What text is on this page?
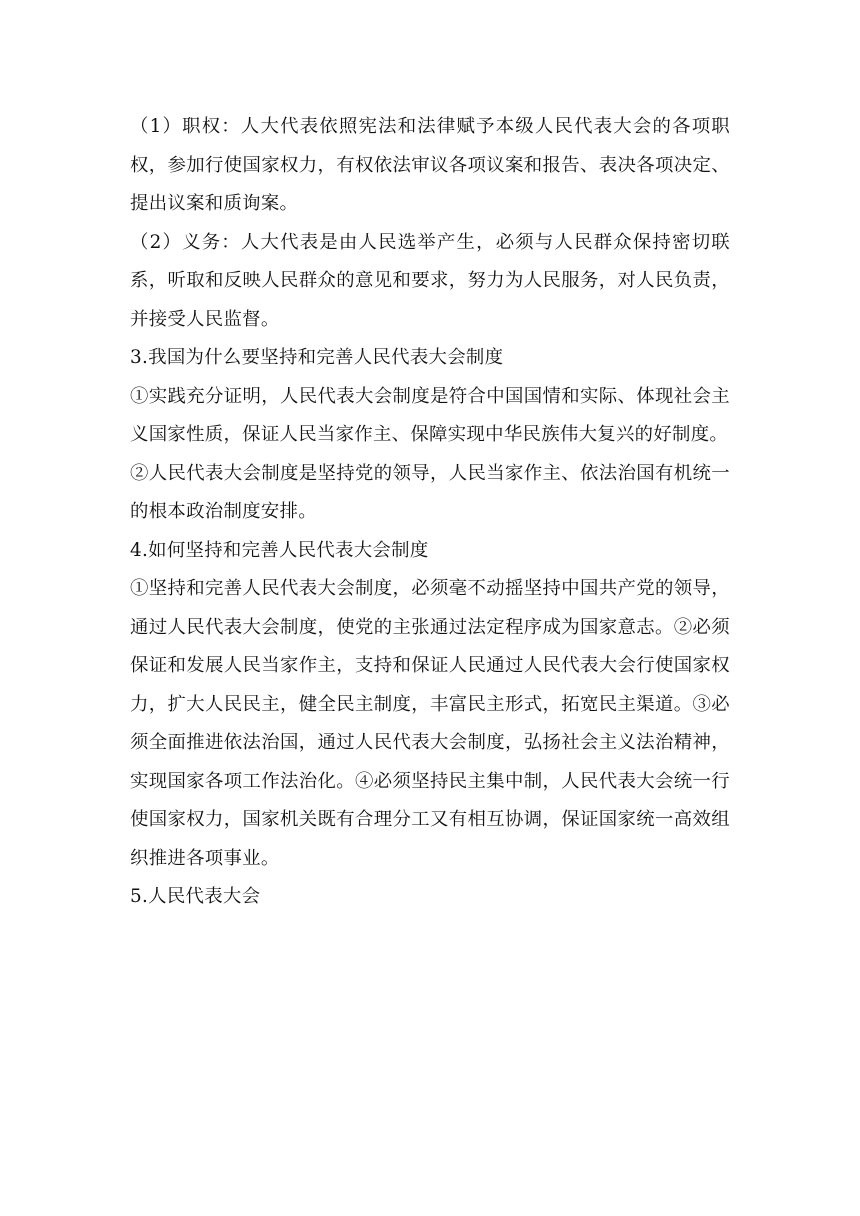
（1）职权：人大代表依照宪法和法律赋予本级人民代表大会的各项职权，参加行使国家权力，有权依法审议各项议案和报告、表决各项决定、提出议案和质询案。

（2）义务：人大代表是由人民选举产生，必须与人民群众保持密切联系，听取和反映人民群众的意见和要求，努力为人民服务，对人民负责，并接受人民监督。

3.我国为什么要坚持和完善人民代表大会制度

①实践充分证明，人民代表大会制度是符合中国国情和实际、体现社会主义国家性质，保证人民当家作主、保障实现中华民族伟大复兴的好制度。

②人民代表大会制度是坚持党的领导，人民当家作主、依法治国有机统一的根本政治制度安排。

4.如何坚持和完善人民代表大会制度

①坚持和完善人民代表大会制度，必须毫不动摇坚持中国共产党的领导，通过人民代表大会制度，使党的主张通过法定程序成为国家意志。②必须保证和发展人民当家作主，支持和保证人民通过人民代表大会行使国家权力，扩大人民民主，健全民主制度，丰富民主形式，拓宽民主渠道。③必须全面推进依法治国，通过人民代表大会制度，弘扬社会主义法治精神，实现国家各项工作法治化。④必须坚持民主集中制，人民代表大会统一行使国家权力，国家机关既有合理分工又有相互协调，保证国家统一高效组织推进各项事业。

5.人民代表大会
